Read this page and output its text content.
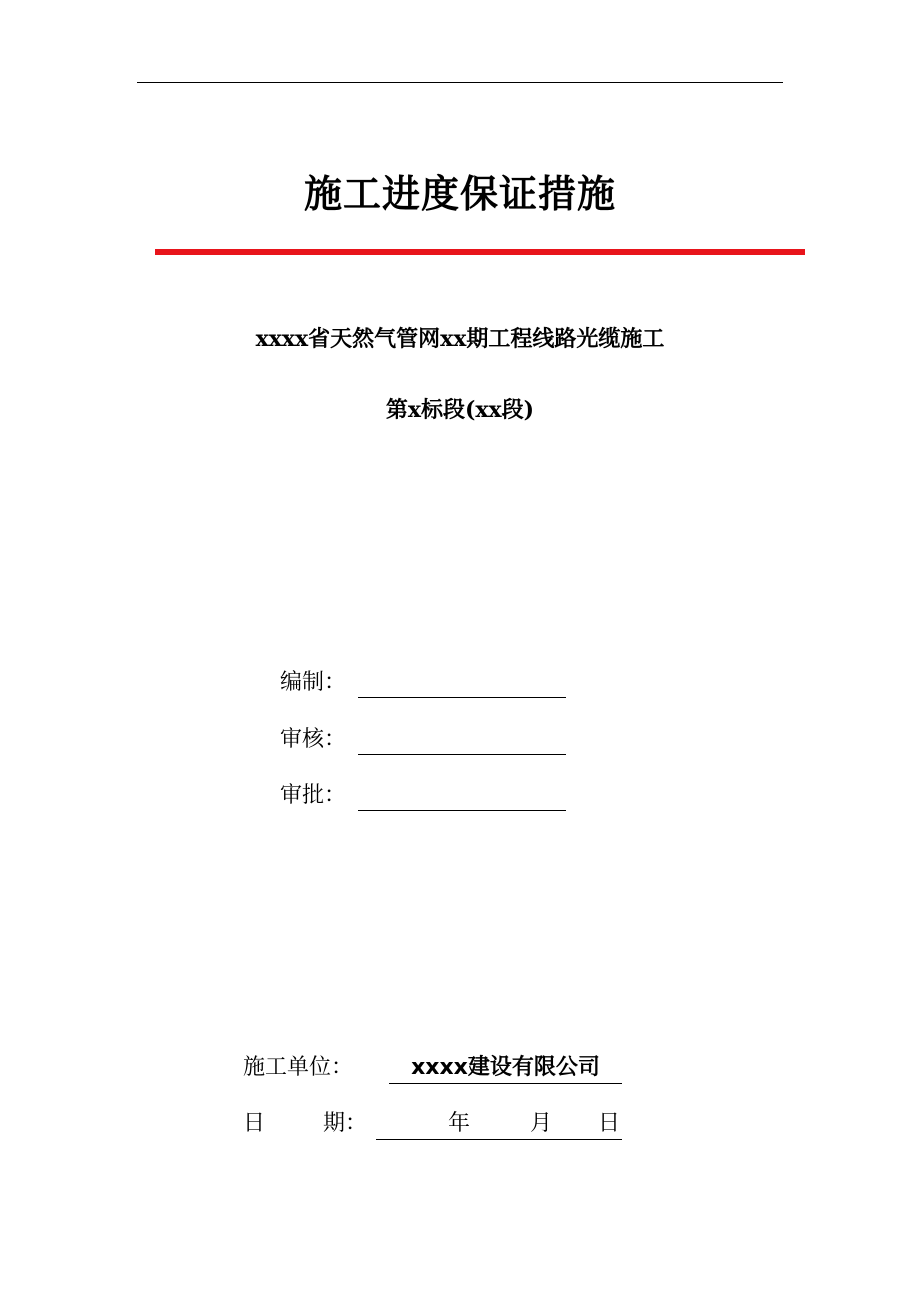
施工进度保证措施
xxxx省天然气管网xx期工程线路光缆施工
第x标段(xx段)
编制：
审核：
审批：
施工单位：	xxxx建设有限公司
日	期：	年	月 日
